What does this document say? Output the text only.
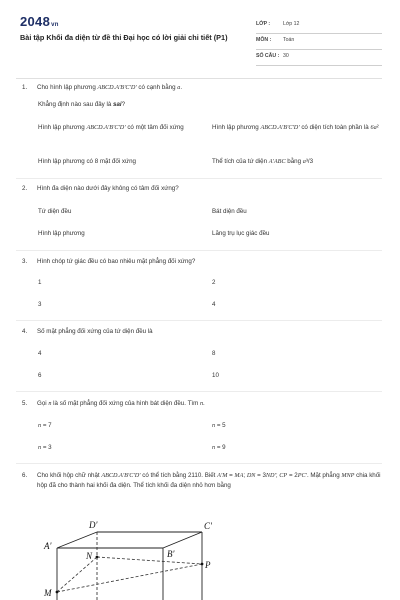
2048vn
Bài tập Khối đa diện từ đề thi Đại học có lời giải chi tiết (P1)
LỚP : Lớp 12
MÔN : Toán
SỐ CÂU : 30
1. Cho hình lập phương ABCD.A'B'C'D' có cạnh bằng a.
Khẳng định nào sau đây là sai?
Hình lập phương ABCD.A'B'C'D' có một tâm đối xứng	Hình lập phương ABCD.A'B'C'D' có diện tích toàn phần là 6a²
Hình lập phương có 8 mặt đối xứng	Thể tích của tứ diện A'ABC bằng a³/3
2. Hình đa diện nào dưới đây không có tâm đối xứng?
Tứ diện đều	Bát diện đều
Hình lập phương	Lăng trụ lục giác đều
3. Hình chóp tứ giác đều có bao nhiêu mặt phẳng đối xứng?
1	2
3	4
4. Số mặt phẳng đối xứng của tứ diện đều là
4	8
6	10
5. Gọi n là số mặt phẳng đối xứng của hình bát diện đều. Tìm n.
n = 7	n = 5
n = 3	n = 9
6. Cho khối hộp chữ nhật ABCD.A'B'C'D' có thể tích bằng 2110. Biết A'M = MA; DN = 3ND'; CP = 2PC'. Mặt phẳng MNP chia khối hộp đã cho thành hai khối đa diện. Thể tích khối đa diện nhỏ hơn bằng
D'	C'
A'
B'
N
P
M
